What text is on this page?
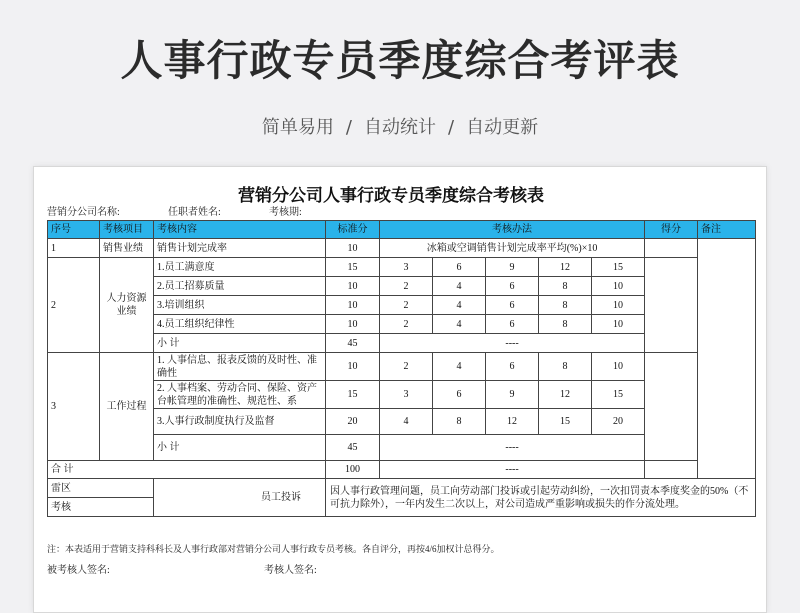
人事行政专员季度综合考评表
简单易用 / 自动统计 / 自动更新
营销分公司人事行政专员季度综合考核表
营销分公司名称:	任职者姓名:	考核期:
序号	考核项目	考核内容	标准分	考核办法					得分	备注
1	销售业绩	销售计划完成率	10	冰箱或空调销售计划完成率平均(%)×10						
2	人力资源业绩	1.员工满意度	15	3	6	9	12	15		
		2.员工招募质量	10	2	4	6	8	10		
		3.培训组织	10	2	4	6	8	10		
		4.员工组织纪律性	10	2	4	6	8	10		
		小 计	45	----						
3	工作过程	1. 人事信息、报表反馈的及时性、准确性	10	2	4	6	8	10		
		2. 人事档案、劳动合同、保险、资产台帐管理的准确性、规范性、系	15	3	6	9	12	15		
		3.人事行政制度执行及监督	20	4	8	12	15	20		
		小 计	45	----						
合 计			100	----						
雷区		员工投诉	因人事行政管理问题，员工向劳动部门投诉或引起劳动纠纷，一次扣罚责本季度奖金的50%（不可抗力除外），一年内发生二次以上，对公司造成严重影响或损失的作分流处理。							
考核										
注：本表适用于营销支持科科长及人事行政部对营销分公司人事行政专员考核。各自评分，再按4/6加权计总得分。
被考核人签名:	考核人签名:
